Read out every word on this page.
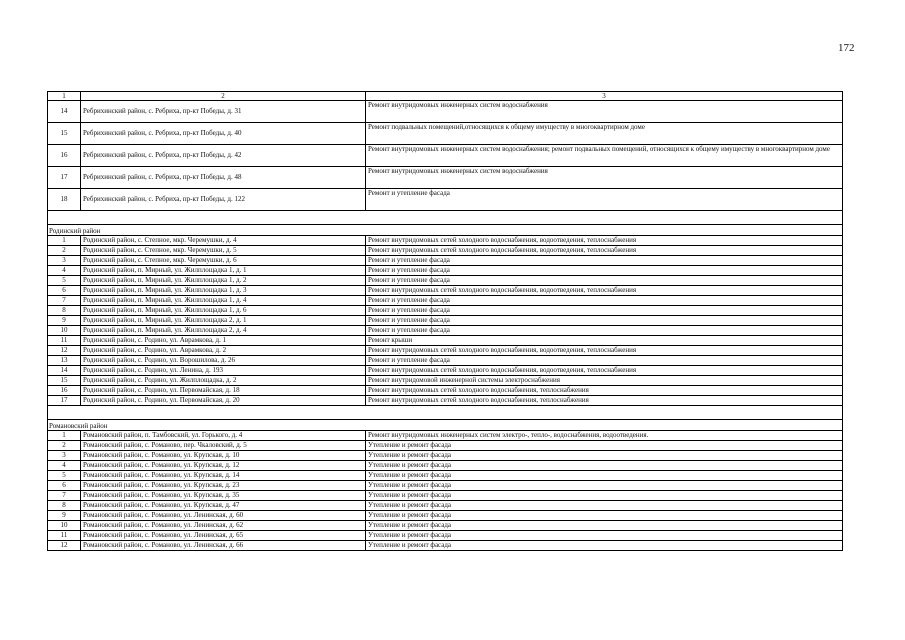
172
1	2	3
14	Ребрихинский район, с. Ребриха, пр-кт Победы, д. 31	Ремонт внутридомовых инженерных систем водоснабжения
15	Ребрихинский район, с. Ребриха, пр-кт Победы, д. 40	Ремонт подвальных помещений,относящихся к общему имуществу в многоквартирном доме
16	Ребрихинский район, с. Ребриха, пр-кт Победы, д. 42	Ремонт внутридомовых инженерных систем водоснабжения; ремонт подвальных помещений, относящихся к общему имуществу в многоквартирном доме
17	Ребрихинский район, с. Ребриха, пр-кт Победы, д. 48	Ремонт внутридомовых инженерных систем водоснабжения
18	Ребрихинский район, с. Ребриха, пр-кт Победы, д. 122	Ремонт и утепление фасада

Родинский район		
1	Родинский район, с. Степное, мкр. Черемушки, д. 4	Ремонт внутридомовых сетей холодного водоснабжения, водоотведения, теплоснабжения
2	Родинский район, с. Степное, мкр. Черемушки, д. 5	Ремонт внутридомовых сетей холодного водоснабжения, водоотведения, теплоснабжения
3	Родинский район, с. Степное, мкр. Черемушки, д. 6	Ремонт и утепление фасада
4	Родинский район, п. Мирный, ул. Жилплощадка 1, д. 1	Ремонт и утепление фасада
5	Родинский район, п. Мирный, ул. Жилплощадка 1, д. 2	Ремонт и утепление фасада
6	Родинский район, п. Мирный, ул. Жилплощадка 1, д. 3	Ремонт внутридомовых сетей холодного водоснабжения, водоотведения, теплоснабжения
7	Родинский район, п. Мирный, ул. Жилплощадка 1, д. 4	Ремонт и утепление фасада
8	Родинский район, п. Мирный, ул. Жилплощадка 1, д. 6	Ремонт и утепление фасада
9	Родинский район, п. Мирный, ул. Жилплощадка 2, д. 1	Ремонт и утепление фасада
10	Родинский район, п. Мирный, ул. Жилплощадка 2, д. 4	Ремонт и утепление фасада
11	Родинский район, с. Родино, ул. Аврамкова, д. 1	Ремонт крыши
12	Родинский район, с. Родино, ул. Аврамкова, д. 2	Ремонт внутридомовых сетей холодного водоснабжения, водоотведения, теплоснабжения
13	Родинский район, с. Родино, ул. Ворошилова, д. 26	Ремонт и утепление фасада
14	Родинский район, с. Родино, ул. Ленина, д. 193	Ремонт внутридомовых сетей холодного водоснабжения, водоотведения, теплоснабжения
15	Родинский район, с. Родино, ул. Жилплощадка, д. 2	Ремонт внутридомовой инженерной системы электроснабжения
16	Родинский район, с. Родино, ул. Первомайская, д. 18	Ремонт внутридомовых сетей холодного водоснабжения, теплоснабжения
17	Родинский район, с. Родино, ул. Первомайская, д. 20	Ремонт внутридомовых сетей холодного водоснабжения, теплоснабжения

Романовский район		
1	Романовский район, п. Тамбовский, ул. Горького, д. 4	Ремонт внутридомовых инженерных систем электро-, тепло-, водоснабжения, водоотведения.
2	Романовский район, с. Романово, пер. Чкаловский, д. 5	Утепление и ремонт фасада
3	Романовский район, с. Романово, ул. Крупская, д. 10	Утепление и ремонт фасада
4	Романовский район, с. Романово, ул. Крупская, д. 12	Утепление и ремонт фасада
5	Романовский район, с. Романово, ул. Крупская, д. 14	Утепление и ремонт фасада
6	Романовский район, с. Романово, ул. Крупская, д. 23	Утепление и ремонт фасада
7	Романовский район, с. Романово, ул. Крупская, д. 35	Утепление и ремонт фасада
8	Романовский район, с. Романово, ул. Крупская, д. 47	Утепление и ремонт фасада
9	Романовский район, с. Романово, ул. Ленинская, д. 60	Утепление и ремонт фасада
10	Романовский район, с. Романово, ул. Ленинская, д. 62	Утепление и ремонт фасада
11	Романовский район, с. Романово, ул. Ленинская, д. 65	Утепление и ремонт фасада
12	Романовский район, с. Романово, ул. Ленинская, д. 66	Утепление и ремонт фасада
